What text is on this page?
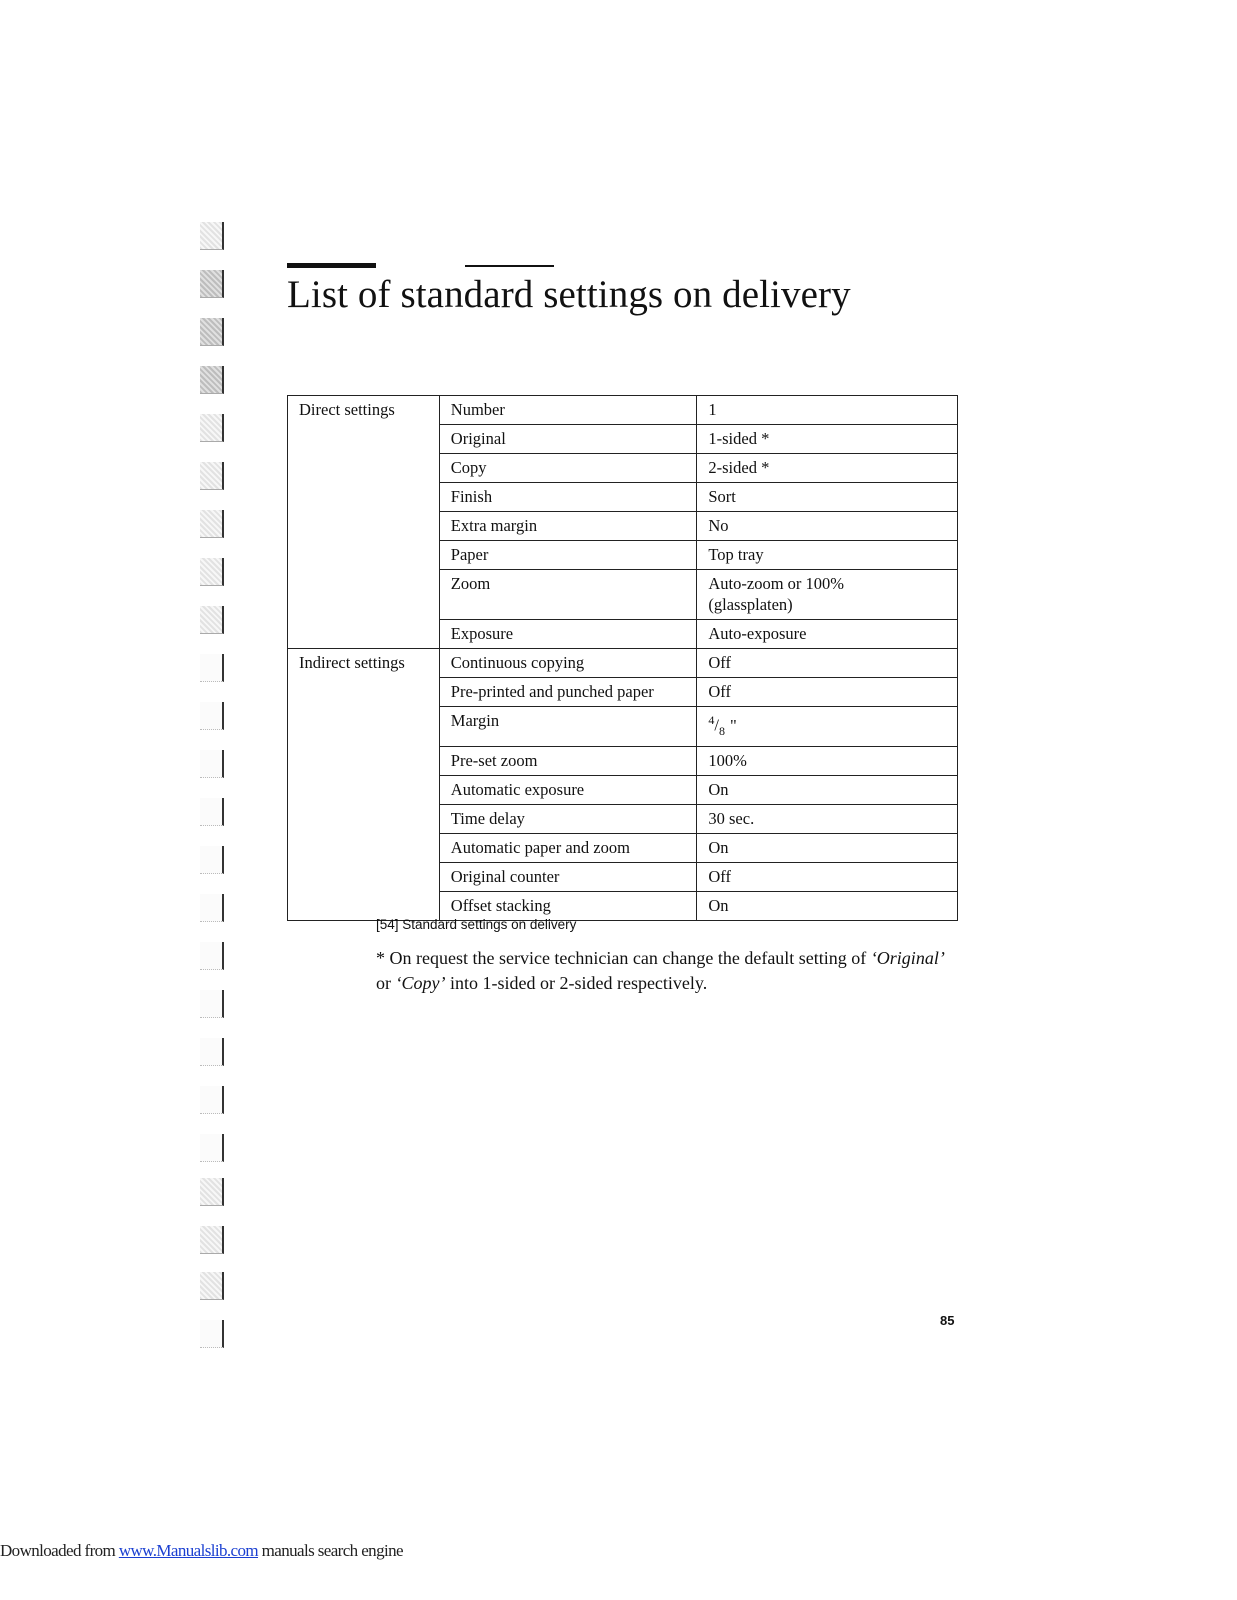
List of standard settings on delivery
Direct settings	Number	1

	Original	1-sided *

	Copy	2-sided *

	Finish	Sort

	Extra margin	No

	Paper	Top tray

	Zoom	Auto-zoom or 100%
(glassplaten)

	Exposure	Auto-exposure

Indirect settings	Continuous copying	Off

	Pre-printed and punched paper	Off

	Margin	$^4/_8$ "
	Pre-set zoom	100%

	Automatic exposure	On

	Time delay	30 sec.

	Automatic paper and zoom	On

	Original counter	Off

	Offset stacking	On
[54] Standard settings on delivery

* On request the service technician can change the default setting of ‘Original’
or ‘Copy’ into 1-sided or 2-sided respectively.

85
Downloaded from www.Manualslib.com manuals search engine
